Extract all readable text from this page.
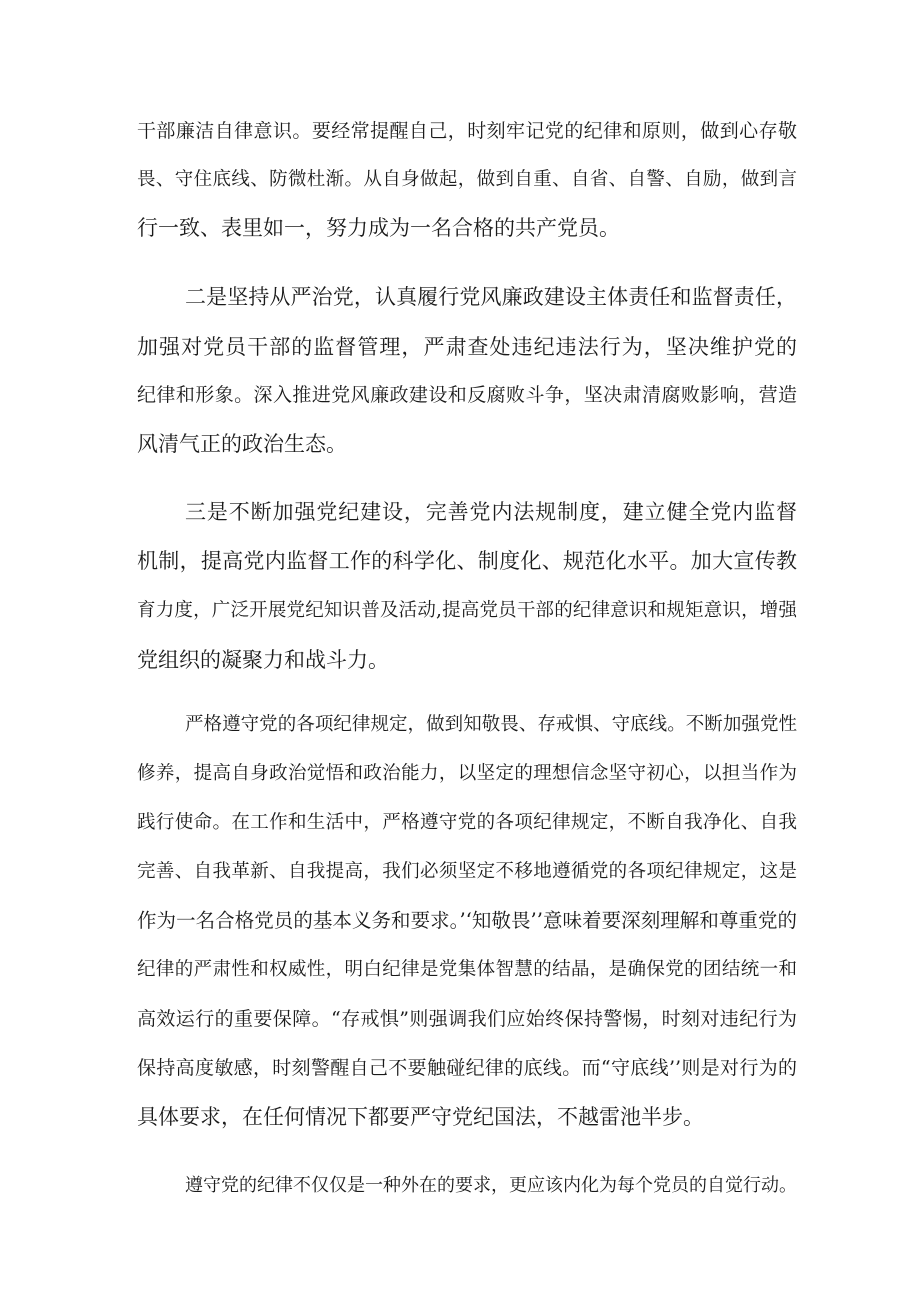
干部廉洁自律意识。要经常提醒自己，时刻牢记党的纪律和原则，做到心存敬
畏、守住底线、防微杜渐。从自身做起，做到自重、自省、自警、自励，做到言
行一致、表里如一，努力成为一名合格的共产党员。
二是坚持从严治党，认真履行党风廉政建设主体责任和监督责任，
加强对党员干部的监督管理，严肃查处违纪违法行为，坚决维护党的
纪律和形象。深入推进党风廉政建设和反腐败斗争，坚决肃清腐败影响，营造
风清气正的政治生态。
三是不断加强党纪建设，完善党内法规制度，建立健全党内监督
机制，提高党内监督工作的科学化、制度化、规范化水平。加大宣传教
育力度，广泛开展党纪知识普及活动,提高党员干部的纪律意识和规矩意识，增强
党组织的凝聚力和战斗力。
严格遵守党的各项纪律规定，做到知敬畏、存戒惧、守底线。不断加强党性
修养，提高自身政治觉悟和政治能力，以坚定的理想信念坚守初心，以担当作为
践行使命。在工作和生活中，严格遵守党的各项纪律规定，不断自我净化、自我
完善、自我革新、自我提高，我们必须坚定不移地遵循党的各项纪律规定，这是
作为一名合格党员的基本义务和要求。’‘知敬畏’’意味着要深刻理解和尊重党的
纪律的严肃性和权威性，明白纪律是党集体智慧的结晶，是确保党的团结统一和
高效运行的重要保障。“存戒惧”则强调我们应始终保持警惕，时刻对违纪行为
保持高度敏感，时刻警醒自己不要触碰纪律的底线。而“守底线’’则是对行为的
具体要求，在任何情况下都要严守党纪国法，不越雷池半步。
遵守党的纪律不仅仅是一种外在的要求，更应该内化为每个党员的自觉行动。
